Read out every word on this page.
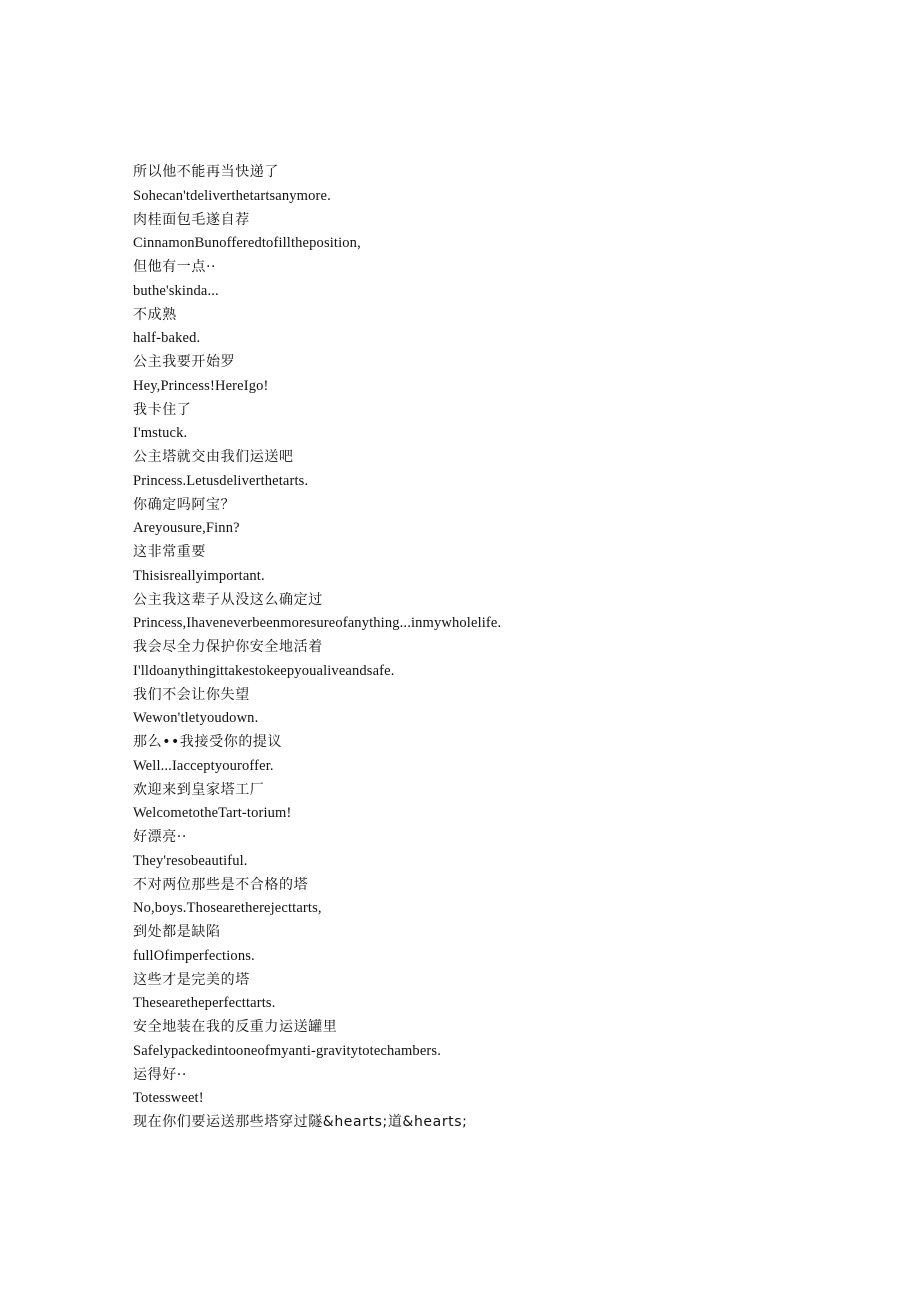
所以他不能再当快递了
Sohecan'tdeliverthetartsanymore.
肉桂面包毛遂自荐
CinnamonBunofferedtofilltheposition,
但他有一点··
buthe'skinda...
不成熟
half-baked.
公主我要开始罗
Hey,Princess!HereIgo!
我卡住了
I'mstuck.
公主塔就交由我们运送吧
Princess.Letusdeliverthetarts.
你确定吗阿宝？
Areyousure,Finn?
这非常重要
Thisisreallyimportant.
公主我这辈子从没这么确定过
Princess,Ihaveneverbeenmoresureofanything...inmywholelife.
我会尽全力保护你安全地活着
I'lldoanythingittakestokeepyoualiveandsafe.
我们不会让你失望
Wewon'tletyoudown.
那么••我接受你的提议
Well...Iacceptyouroffer.
欢迎来到皇家塔工厂
WelcometotheTart-torium!
好漂亮··
They'resobeautiful.
不对两位那些是不合格的塔
No,boys.Thosearetherejecttarts,
到处都是缺陷
fullOfimperfections.
这些才是完美的塔
Thesearetheperfecttarts.
安全地装在我的反重力运送罐里
Safelypackedintooneofmyanti-gravitytotechambers.
运得好··
Totessweet!
现在你们要运送那些塔穿过隧&hearts;道&hearts;
